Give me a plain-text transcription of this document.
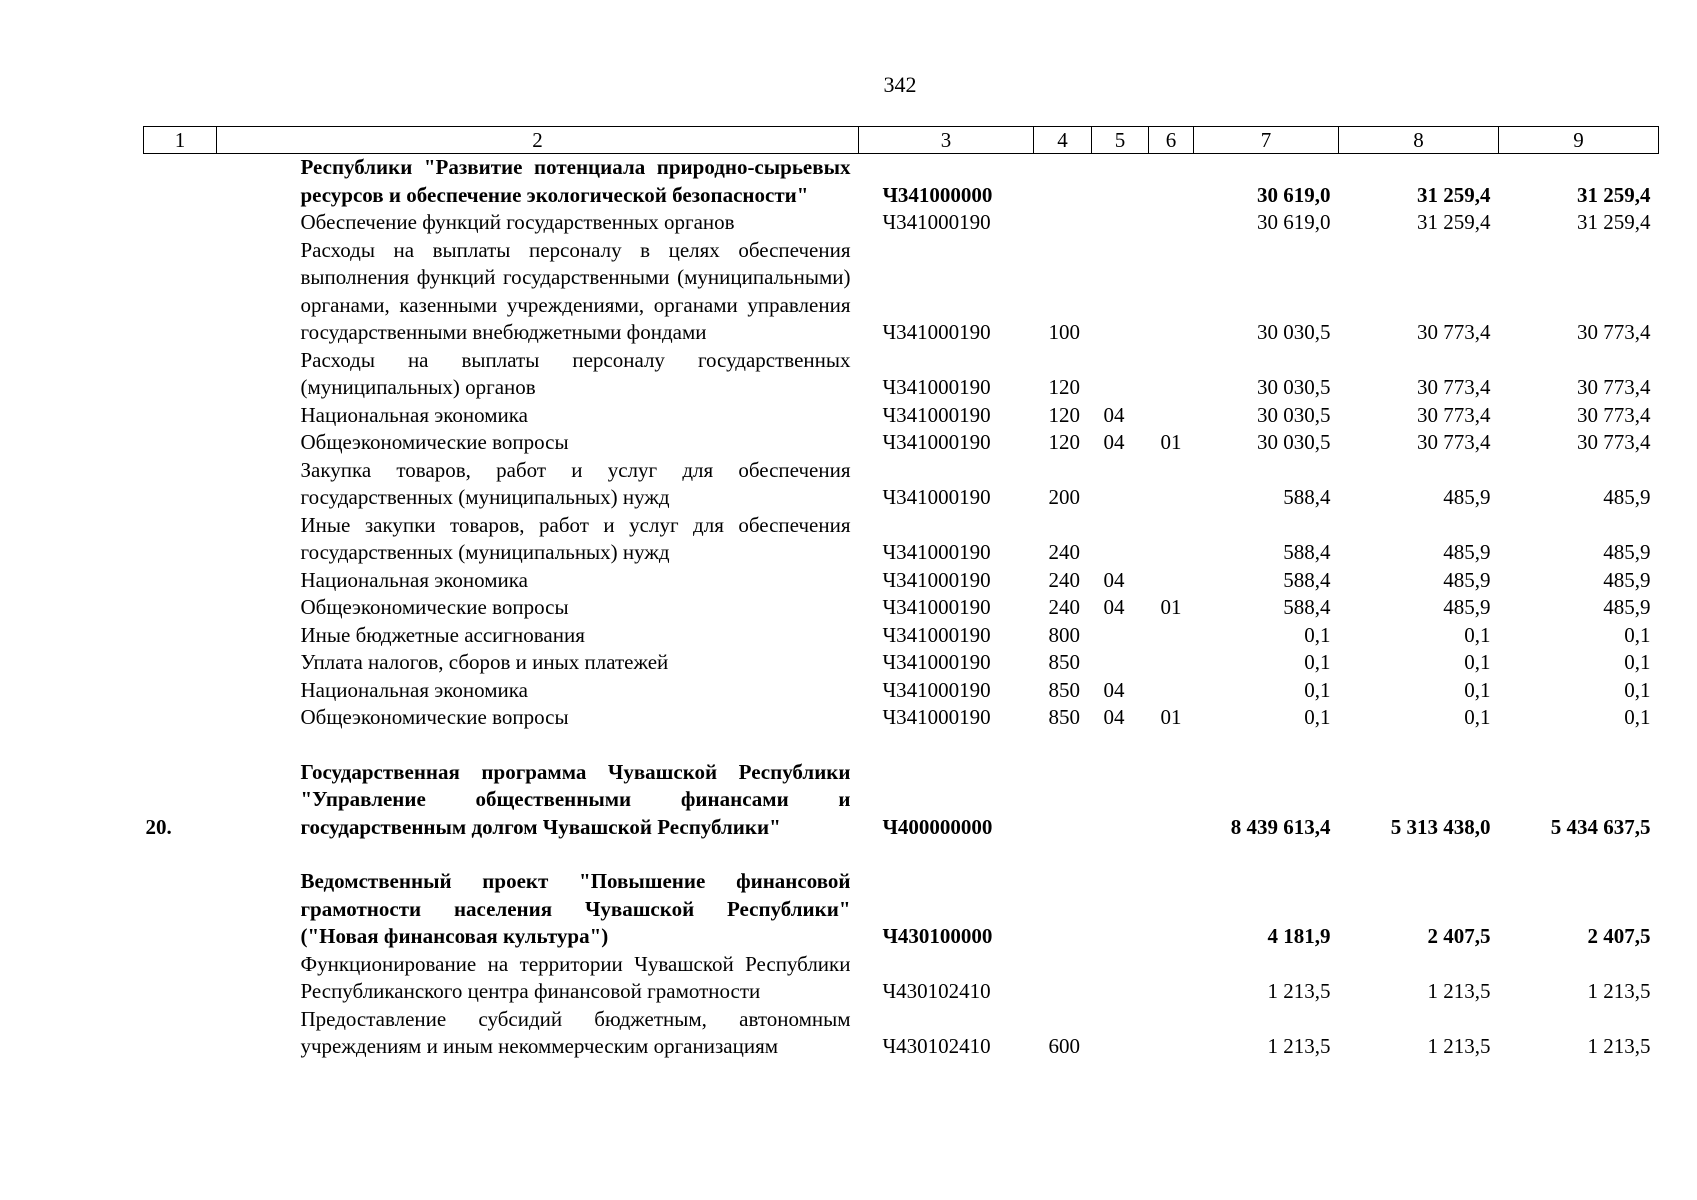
342
1	2	3	4	5	6	7	8	9
	Республики "Развитие потенциала природно-сырьевых ресурсов и обеспечение экологической безопасности"	Ч341000000				30 619,0	31 259,4	31 259,4
	Обеспечение функций государственных органов	Ч341000190				30 619,0	31 259,4	31 259,4
	Расходы на выплаты персоналу в целях обеспечения выполнения функций государственными (муниципальными) органами, казенными учреждениями, органами управления государственными внебюджетными фондами	Ч341000190	100			30 030,5	30 773,4	30 773,4
	Расходы на выплаты персоналу государственных (муниципальных) органов	Ч341000190	120			30 030,5	30 773,4	30 773,4
	Национальная экономика	Ч341000190	120	04		30 030,5	30 773,4	30 773,4
	Общеэкономические вопросы	Ч341000190	120	04	01	30 030,5	30 773,4	30 773,4
	Закупка товаров, работ и услуг для обеспечения государственных (муниципальных) нужд	Ч341000190	200			588,4	485,9	485,9
	Иные закупки товаров, работ и услуг для обеспечения государственных (муниципальных) нужд	Ч341000190	240			588,4	485,9	485,9
	Национальная экономика	Ч341000190	240	04		588,4	485,9	485,9
	Общеэкономические вопросы	Ч341000190	240	04	01	588,4	485,9	485,9
	Иные бюджетные ассигнования	Ч341000190	800			0,1	0,1	0,1
	Уплата налогов, сборов и иных платежей	Ч341000190	850			0,1	0,1	0,1
	Национальная экономика	Ч341000190	850	04		0,1	0,1	0,1
	Общеэкономические вопросы	Ч341000190	850	04	01	0,1	0,1	0,1

20.	Государственная программа Чувашской Республики "Управление общественными финансами и государственным долгом Чувашской Республики"	Ч400000000				8 439 613,4	5 313 438,0	5 434 637,5

	Ведомственный проект "Повышение финансовой грамотности населения Чувашской Республики" ("Новая финансовая культура")	Ч430100000				4 181,9	2 407,5	2 407,5
	Функционирование на территории Чувашской Республики Республиканского центра финансовой грамотности	Ч430102410				1 213,5	1 213,5	1 213,5
	Предоставление субсидий бюджетным, автономным учреждениям и иным некоммерческим организациям	Ч430102410	600			1 213,5	1 213,5	1 213,5
